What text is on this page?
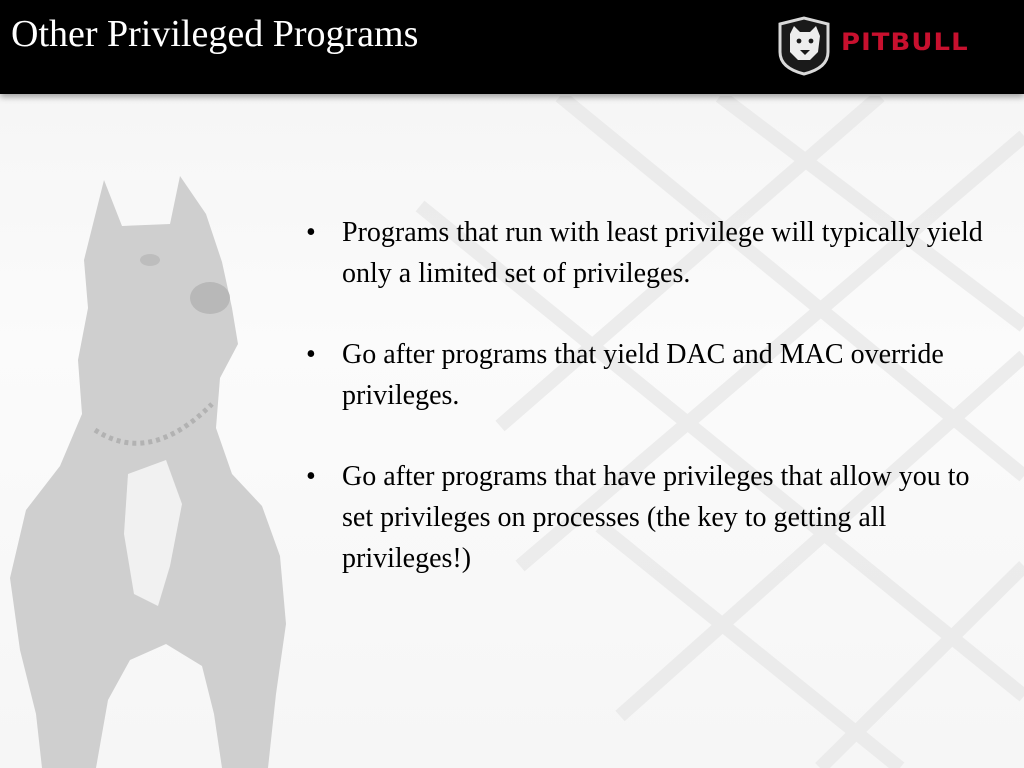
Other Privileged Programs	PITBULL
• Programs that run with least privilege will typically yield only a limited set of privileges.
• Go after programs that yield DAC and MAC override privileges.
• Go after programs that have privileges that allow you to set privileges on processes (the key to getting all privileges!)
